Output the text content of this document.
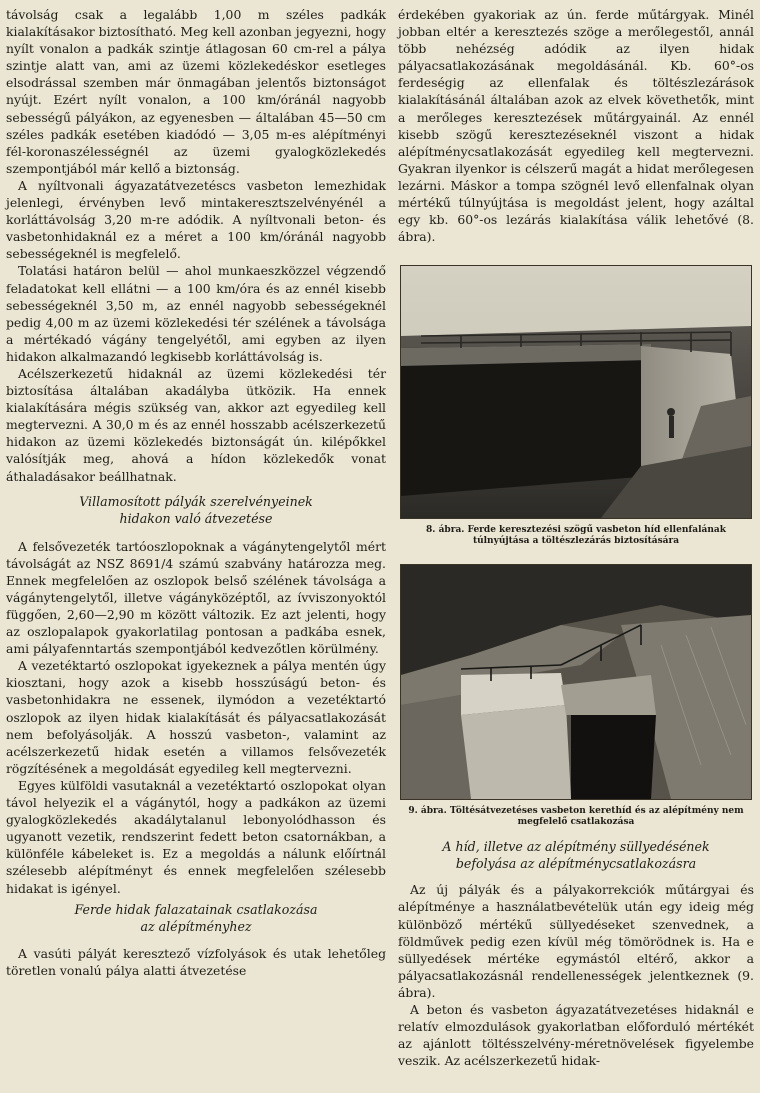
távolság csak a legalább 1,00 m széles padkák kialakításakor biztosítható. Meg kell azonban jegyezni, hogy nyílt vonalon a padkák szintje átlagosan 60 cm-rel a pálya szintje alatt van, ami az üzemi közlekedéskor esetleges elsodrással szemben már önmagában jelentős biztonságot nyújt. Ezért nyílt vonalon, a 100 km/óránál nagyobb sebességű pályákon, az egyenesben — általában 45—50 cm széles padkák esetében kiadódó — 3,05 m-es alépítményi fél-koronaszélességnél az üzemi gyalogközlekedés szempontjából már kellő a biztonság.

A nyíltvonali ágyazatátvezetéscs vasbeton lemezhidak jelenlegi, érvényben levő mintakeresztszelvényénél a korláttávolság 3,20 m-re adódik. A nyíltvonali beton- és vasbetonhidaknál ez a méret a 100 km/óránál nagyobb sebességeknél is megfelelő.

Tolatási határon belül — ahol munkaeszközzel végzendő feladatokat kell ellátni — a 100 km/óra és az ennél kisebb sebességeknél 3,50 m, az ennél nagyobb sebességeknél pedig 4,00 m az üzemi közlekedési tér szélének a távolsága a mértékadó vágány tengelyétől, ami egyben az ilyen hidakon alkalmazandó legkisebb korláttávolság is.

Acélszerkezetű hidaknál az üzemi közlekedési tér biztosítása általában akadályba ütközik. Ha ennek kialakítására mégis szükség van, akkor azt egyedileg kell megtervezni. A 30,0 m és az ennél hosszabb acélszerkezetű hidakon az üzemi közlekedés biztonságát ún. kilépőkkel valósítják meg, ahová a hídon közlekedők vonat áthaladásakor beállhatnak.

Villamosított pályák szerelvényeinek
hidakon való átvezetése

A felsővezeték tartóoszlopoknak a vágánytengelytől mért távolságát az NSZ 8691/4 számú szabvány határozza meg. Ennek megfelelően az oszlopok belső szélének távolsága a vágánytengelytől, illetve vágányközéptől, az ívviszonyoktól függően, 2,60—2,90 m között változik. Ez azt jelenti, hogy az oszlopalapok gyakorlatilag pontosan a padkába esnek, ami pályafenntartás szempontjából kedvezőtlen körülmény.

A vezetéktartó oszlopokat igyekeznek a pálya mentén úgy kiosztani, hogy azok a kisebb hosszúságú beton- és vasbetonhidakra ne essenek, ilymódon a vezetéktartó oszlopok az ilyen hidak kialakítását és pályacsatlakozását nem befolyásolják. A hosszú vasbeton-, valamint az acélszerkezetű hidak esetén a villamos felsővezeték rögzítésének a megoldását egyedileg kell megtervezni.

Egyes külföldi vasutaknál a vezetéktartó oszlopokat olyan távol helyezik el a vágánytól, hogy a padkákon az üzemi gyalogközlekedés akadálytalanul lebonyolódhasson és ugyanott vezetik, rendszerint fedett beton csatornákban, a különféle kábeleket is. Ez a megoldás a nálunk előírtnál szélesebb alépítményt és ennek megfelelően szélesebb hidakat is igényel.

Ferde hidak falazatainak csatlakozása
az alépítményhez

A vasúti pályát keresztező vízfolyások és utak lehetőleg töretlen vonalú pálya alatti átvezetése

érdekében gyakoriak az ún. ferde műtárgyak. Minél jobban eltér a keresztezés szöge a merőlegestől, annál több nehézség adódik az ilyen hidak pályacsatlakozásának megoldásánál. Kb. 60°-os ferdeségig az ellenfalak és töltészlezárások kialakításánál általában azok az elvek követhetők, mint a merőleges keresztezések műtárgyainál. Az ennél kisebb szögű keresztezéseknél viszont a hidak alépítménycsatlakozását egyedileg kell megtervezni. Gyakran ilyenkor is célszerű magát a hidat merőlegesen lezárni. Máskor a tompa szögnél levő ellenfalnak olyan mértékű túlnyújtása is megoldást jelent, hogy azáltal egy kb. 60°-os lezárás kialakítása válik lehetővé (8. ábra).

8. ábra. Ferde keresztezési szögű vasbeton híd ellenfalának túlnyújtása a töltészlezárás biztosítására

9. ábra. Töltésátvezetéses vasbeton kerethíd és az alépítmény nem megfelelő csatlakozása

A híd, illetve az alépítmény süllyedésének
befolyása az alépítménycsatlakozásra

Az új pályák és a pályakorrekciók műtárgyai és alépítménye a használatbevételük után egy ideig még különböző mértékű süllyedéseket szenvednek, a földművek pedig ezen kívül még tömörödnek is. Ha e süllyedések mértéke egymástól eltérő, akkor a pályacsatlakozásnál rendellenességek jelentkeznek (9. ábra).

A beton és vasbeton ágyazatátvezetéses hidaknál e relatív elmozdulások gyakorlatban előforduló mértékét az ajánlott töltésszelvény-méretnövelések figyelembe veszik. Az acélszerkezetű hidak-
